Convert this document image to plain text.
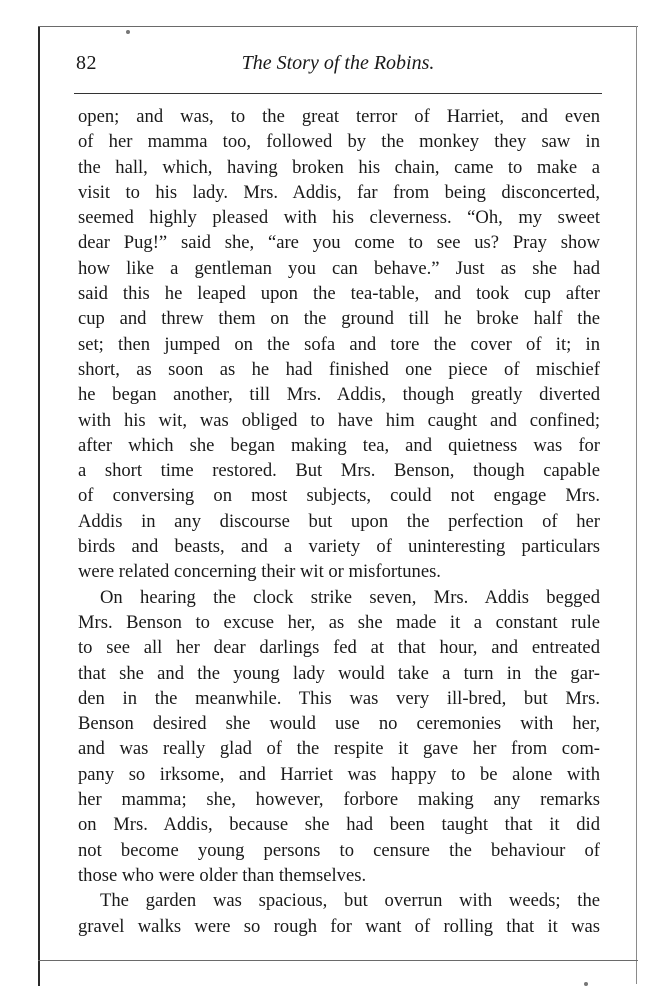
82	The Story of the Robins.
open; and was, to the great terror of Harriet, and even
of her mamma too, followed by the monkey they saw in
the hall, which, having broken his chain, came to make a
visit to his lady. Mrs. Addis, far from being disconcerted,
seemed highly pleased with his cleverness. “Oh, my sweet
dear Pug!” said she, “are you come to see us? Pray show
how like a gentleman you can behave.” Just as she had
said this he leaped upon the tea-table, and took cup after
cup and threw them on the ground till he broke half the
set; then jumped on the sofa and tore the cover of it; in
short, as soon as he had finished one piece of mischief
he began another, till Mrs. Addis, though greatly diverted
with his wit, was obliged to have him caught and confined;
after which she began making tea, and quietness was for
a short time restored. But Mrs. Benson, though capable
of conversing on most subjects, could not engage Mrs.
Addis in any discourse but upon the perfection of her
birds and beasts, and a variety of uninteresting particulars
were related concerning their wit or misfortunes.
On hearing the clock strike seven, Mrs. Addis begged
Mrs. Benson to excuse her, as she made it a constant rule
to see all her dear darlings fed at that hour, and entreated
that she and the young lady would take a turn in the gar-
den in the meanwhile. This was very ill-bred, but Mrs.
Benson desired she would use no ceremonies with her,
and was really glad of the respite it gave her from com-
pany so irksome, and Harriet was happy to be alone with
her mamma; she, however, forbore making any remarks
on Mrs. Addis, because she had been taught that it did
not become young persons to censure the behaviour of
those who were older than themselves.
The garden was spacious, but overrun with weeds; the
gravel walks were so rough for want of rolling that it was
